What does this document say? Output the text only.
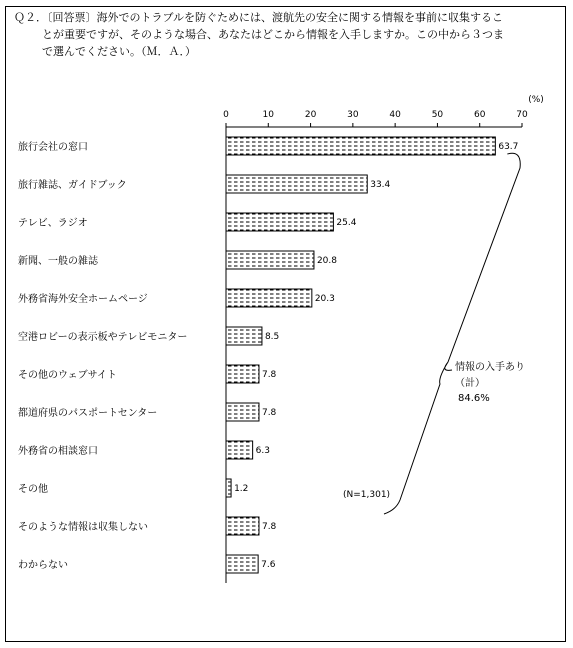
Ｑ２．〔回答票〕海外でのトラブルを防ぐためには、渡航先の安全に関する情報を事前に収集するこ

とが重要ですが、そのような場合、あなたはどこから情報を入手しますか。この中から３つま
で選んでください。（Ｍ．Ａ．）
0	10	20	30	40	50	60	70
(%)
旅行会社の窓口	63.7
旅行雑誌、ガイドブック	33.4
テレビ、ラジオ	25.4
新聞、一般の雑誌	20.8
外務省海外安全ホームページ	20.3
空港ロビーの表示板やテレビモニター	8.5
その他のウェブサイト	7.8
都道府県のパスポートセンター	7.8
外務省の相談窓口	6.3
その他	1.2
そのような情報は収集しない	7.8
わからない	7.6
情報の入手あり
（計）
84.6%
(N=1,301)
